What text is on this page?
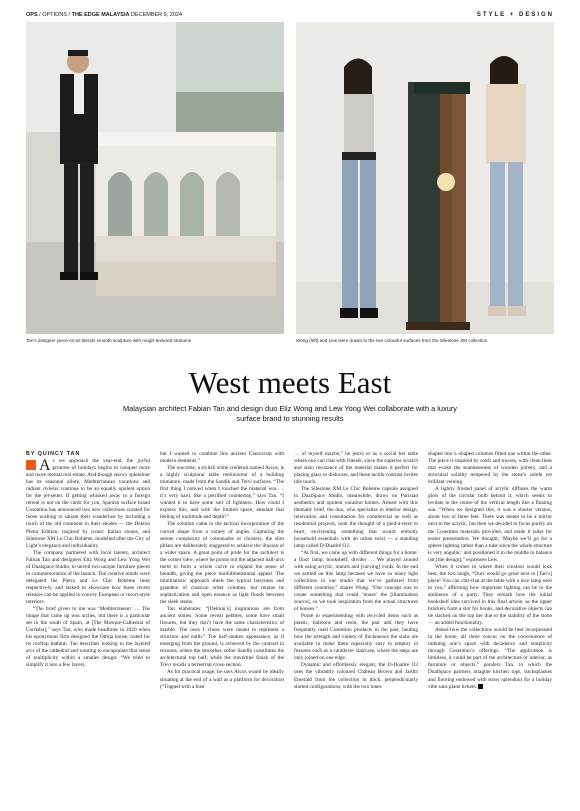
OPS / OPTIONS / THE EDGE MALAYSIA DECEMBER 9, 2024	STYLE + DESIGN
Tan’s designer piece Arcos blends smooth sculpture with rough-textured stratums	Wong (left) and Lew were drawn to the two colourful surfaces from the Silestone XM collection
West meets East
Malaysian architect Fabian Tan and design duo Eliz Wong and Lew Yong Wei collaborate with a luxury surface brand to stunning results

BY QUINCY TAN

As we approach the year-end, the joyful promise of holidays begins to conquer more and more mental real estate. And though snowy splendour has its seasonal allure, Mediterranean vacations and radiant rivieras continue to be an equally opulent option for the jet-setter. If getting whisked away to a foreign retreat is not on the cards for you, Spanish surface brand Cosentino has announced two new collections curated for those wishing to satiate their wanderlust by including a touch of the old continent in their abodes — the Dekton Pietra Edition, inspired by iconic Italian stones, and Silestone XM Le Chic Bohème, modelled after the City of Light’s elegance and individuality.

The company partnered with local talents, architect Fabian Tan and designers Eliz Wong and Lew Yong Wei of Dualspace Studio, to unveil two unique furniture pieces in commemoration of the launch. The creative minds were delegated the Pietra and Le Chic Bohème lines respectively, and tasked to showcase how these recent releases can be applied to convey European or resort-style interiors.

“The brief given to me was ‘Mediterranean’ … The image that came up was arches, but there is a particular set in the south of Spain, at [The Mosque-Cathedral of Cordoba],” says Tan, who made headlines in 2020 when his eponymous firm designed the Ottiqa house, noted for its rooftop bathtub. Tan describes looking to the layered arcs of the cathedral and wanting to encapsulate that sense of multiplicity within a smaller design: “We tried to simplify it into a few layers,

but I wanted to combine this ancient Classicism with modern elements.”

The outcome, a stylish white credenza named Arcos, is a highly sculptural table reminiscent of a building miniature, made from the Sandik and Trevi surfaces. “The first thing I noticed when I touched the material was … it’s very hard, like a petrified countertop,” says Tan. “I wanted it to have some sort of lightness. How could I express this, and with the limited space, emulate that feeling of multitude and depth?”

The solution came in the tactical incorporation of the curved shape from a variety of angles. Capturing the serene complexity of colonnades or cloisters, the slim pillars are deliberately staggered to achieve the illusion of a wider space. A great point of pride for the architect is the corner view, where he points out the adjacent half-arcs meld to form a whole curve to expand the sense of breadth, giving the piece multidimensional appeal. The minimalistic approach sheds the typical busyness and grandeur of classical order columns, but retains its sophistication and open essence as light floods between the sleek stems.

Tan elaborates: “[Dekton’s] inspirations are from ancient stones. Some reveal pebbles, some have small fissures, but they don’t have the same characteristics of marble. The ones I chose were meant to represent a structure and earth.” The half-sunken appearance, as if emerging from the ground, is achieved by the contrast in textures, where the smoother, softer Sandik constitutes the architectural top half, while the travertine finish of the Trevi recalls a terrestrial cross-section.

As for practical usage, he says Arcos would be ideally situating at the end of a wall as a platform for decoration (“Topped with a bust

… of myself maybe,” he jests) or as a social bar table where one can chat with friends, since the superior scratch and stain resistance of the material makes it perfect for placing glass or dishware, and these tactile contrast invites idle touch.

The Silestone XM Le Chic Bohème capsule assigned to DualSpace Studio, meanwhile, draws on Parisian aesthetics and opulent vacation homes. Armed with this thematic brief, the duo, who specialise in interior design, renovation and consultation for commercial as well as residential projects, took the thought of a pied-à-terre to heart, envisioning something that would embody household essentials with an urban twist — a standing lamp called D-Dualité O2.

“At first, we came up with different things for a home: a floor lamp, bookshelf, divider … We played around with using acrylic, murals and [carving] voids. In the end we settled on this lamp because we have so many light collections in our studio that we’ve gathered from different countries,” shares Wong. “Our concept was to create something that could ‘house’ the [illumination source], so we took inspiration from the actual structures of houses.”

Prone to experimenting with recycled items such as plastic, balloons and resin, the pair add they have frequently used Cosentino products in the past, lauding how the strength and variety of thicknesses the slabs are available in make them especially easy to employ in features such as a cantilever staircase, where the steps are only joined on one edge.

Dynamic and effortlessly elegant, the D-Dualité O2 uses the vibrantly coloured Château Brown and Jardin Emerald from the collection in thick, perpendicularly slotted configurations, with the two tones

shaped into L-shaped columns fitted one within the other. The piece is inspired by roofs and trusses, with clean lines that evoke the seamlessness of wooden joinery, and a structural solidity tempered by the stone’s subtle yet brilliant veining.

A lightly frosted panel of acrylic diffuses the warm glow of the circular bulb behind it, which seems to levitate in the centre of the vertical length like a floating sun. “When we designed this, it was a shorter version, about two or three feet. There was meant to be a mirror next to the acrylic, but then we decided to focus purely on the Cosentino materials provided, and made it taller for easier presentation. We thought, ‘Maybe we’ll go for a sphere lighting rather than a tube since the whole structure is very angular,’ and positioned it in the middle to balance out [the design],” expresses Lew.

When it comes to where their creation would look best, the two laugh, “Ours would go great next to [Tan’s] piece! You can chit-chat at the table with a nice lamp next to you,” affirming how important lighting can be to the ambience of a party. They remark how the initial bookshelf idea survived in this final article, as the upper brackets form a slot for books, and decorative objects can be stacked on the top tier due to the stability of the stone — an added functionality.

Asked how the collections would be best incorporated in the home, all three concur on the convenience of imbuing one’s space with decadence and simplicity through Cosentino’s offerings. “The application is limitless, it could be part of the architecture or interior, as furniture or objects,” ponders Tan, to which the DualSpace partners imagine kitchen tops, backsplashes and flooring endowed with stony splendour for a holiday vibe sans plane tickets. E
